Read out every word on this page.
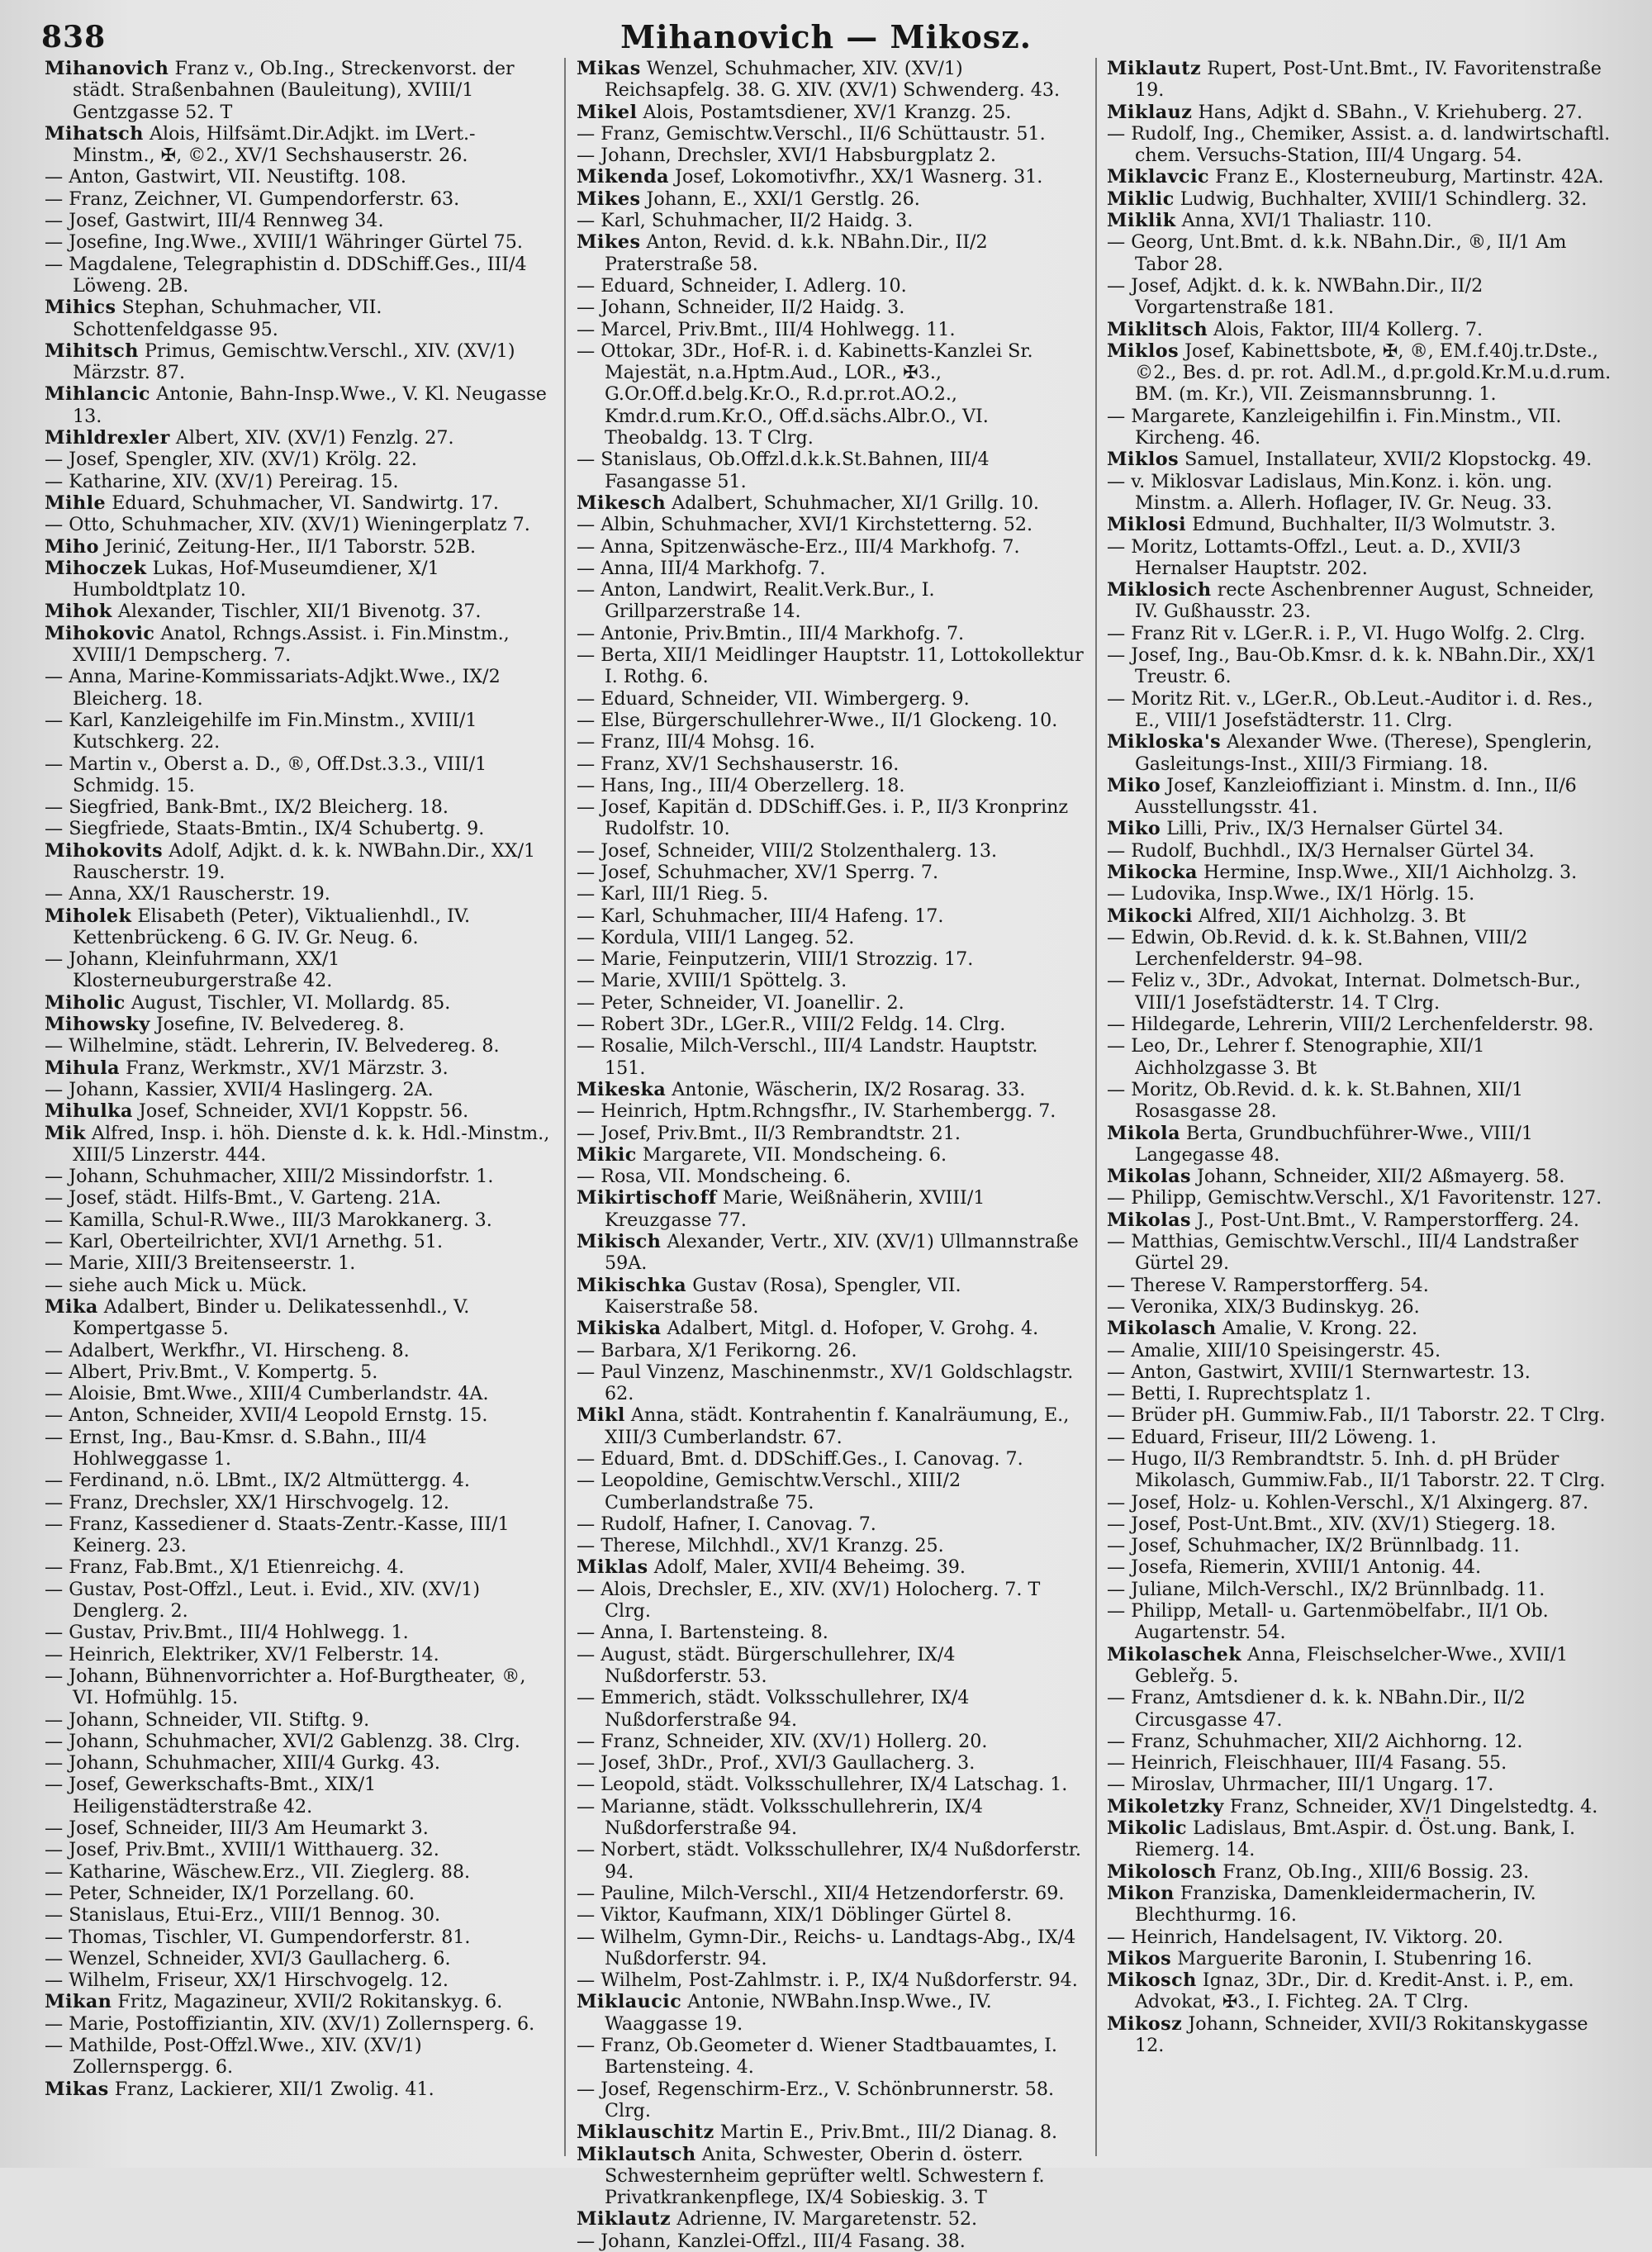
838	Mihanovich — Mikosz.

Mihanovich Franz v., Ob.Ing., Streckenvorst. der städt. Straßenbahnen (Bauleitung), XVIII/1 Gentzgasse 52. T

Mihatsch Alois, Hilfsämt.Dir.Adjkt. im LVert.-Minstm., ✠, ©2., XV/1 Sechshauserstr. 26.

— Anton, Gastwirt, VII. Neustiftg. 108.

— Franz, Zeichner, VI. Gumpendorferstr. 63.

— Josef, Gastwirt, III/4 Rennweg 34.

— Josefine, Ing.Wwe., XVIII/1 Währinger Gürtel 75.

— Magdalene, Telegraphistin d. DDSchiff.Ges., III/4 Löweng. 2B.

Mihics Stephan, Schuhmacher, VII. Schottenfeldgasse 95.

Mihitsch Primus, Gemischtw.Verschl., XIV. (XV/1) Märzstr. 87.

Mihlancic Antonie, Bahn-Insp.Wwe., V. Kl. Neugasse 13.

Mihldrexler Albert, XIV. (XV/1) Fenzlg. 27.

— Josef, Spengler, XIV. (XV/1) Krölg. 22.

— Katharine, XIV. (XV/1) Pereirag. 15.

Mihle Eduard, Schuhmacher, VI. Sandwirtg. 17.

— Otto, Schuhmacher, XIV. (XV/1) Wieningerplatz 7.

Miho Jerinić, Zeitung-Her., II/1 Taborstr. 52B.

Mihoczek Lukas, Hof-Museumdiener, X/1 Humboldtplatz 10.

Mihok Alexander, Tischler, XII/1 Bivenotg. 37.

Mihokovic Anatol, Rchngs.Assist. i. Fin.Minstm., XVIII/1 Dempscherg. 7.

— Anna, Marine-Kommissariats-Adjkt.Wwe., IX/2 Bleicherg. 18.

— Karl, Kanzleigehilfe im Fin.Minstm., XVIII/1 Kutschkerg. 22.

— Martin v., Oberst a. D., ®, Off.Dst.3.3., VIII/1 Schmidg. 15.

— Siegfried, Bank-Bmt., IX/2 Bleicherg. 18.

— Siegfriede, Staats-Bmtin., IX/4 Schubertg. 9.

Mihokovits Adolf, Adjkt. d. k. k. NWBahn.Dir., XX/1 Rauscherstr. 19.

— Anna, XX/1 Rauscherstr. 19.

Miholek Elisabeth (Peter), Viktualienhdl., IV. Kettenbrückeng. 6 G. IV. Gr. Neug. 6.

— Johann, Kleinfuhrmann, XX/1 Klosterneuburgerstraße 42.

Miholic August, Tischler, VI. Mollardg. 85.

Mihowsky Josefine, IV. Belvedereg. 8.

— Wilhelmine, städt. Lehrerin, IV. Belvedereg. 8.

Mihula Franz, Werkmstr., XV/1 Märzstr. 3.

— Johann, Kassier, XVII/4 Haslingerg. 2A.

Mihulka Josef, Schneider, XVI/1 Koppstr. 56.

Mik Alfred, Insp. i. höh. Dienste d. k. k. Hdl.-Minstm., XIII/5 Linzerstr. 444.

— Johann, Schuhmacher, XIII/2 Missindorfstr. 1.

— Josef, städt. Hilfs-Bmt., V. Garteng. 21A.

— Kamilla, Schul-R.Wwe., III/3 Marokkanerg. 3.

— Karl, Oberteilrichter, XVI/1 Arnethg. 51.

— Marie, XIII/3 Breitenseerstr. 1.

— siehe auch Mick u. Mück.

Mika Adalbert, Binder u. Delikatessenhdl., V. Kompertgasse 5.

— Adalbert, Werkfhr., VI. Hirscheng. 8.

— Albert, Priv.Bmt., V. Kompertg. 5.

— Aloisie, Bmt.Wwe., XIII/4 Cumberlandstr. 4A.

— Anton, Schneider, XVII/4 Leopold Ernstg. 15.

— Ernst, Ing., Bau-Kmsr. d. S.Bahn., III/4 Hohlweggasse 1.

— Ferdinand, n.ö. LBmt., IX/2 Altmüttergg. 4.

— Franz, Drechsler, XX/1 Hirschvogelg. 12.

— Franz, Kassediener d. Staats-Zentr.-Kasse, III/1 Keinerg. 23.

— Franz, Fab.Bmt., X/1 Etienreichg. 4.

— Gustav, Post-Offzl., Leut. i. Evid., XIV. (XV/1) Denglerg. 2.

— Gustav, Priv.Bmt., III/4 Hohlwegg. 1.

— Heinrich, Elektriker, XV/1 Felberstr. 14.

— Johann, Bühnenvorrichter a. Hof-Burgtheater, ®, VI. Hofmühlg. 15.

— Johann, Schneider, VII. Stiftg. 9.

— Johann, Schuhmacher, XVI/2 Gablenzg. 38. Clrg.

— Johann, Schuhmacher, XIII/4 Gurkg. 43.

— Josef, Gewerkschafts-Bmt., XIX/1 Heiligenstädterstraße 42.

— Josef, Schneider, III/3 Am Heumarkt 3.

— Josef, Priv.Bmt., XVIII/1 Witthauerg. 32.

— Katharine, Wäschew.Erz., VII. Zieglerg. 88.

— Peter, Schneider, IX/1 Porzellang. 60.

— Stanislaus, Etui-Erz., VIII/1 Bennog. 30.

— Thomas, Tischler, VI. Gumpendorferstr. 81.

— Wenzel, Schneider, XVI/3 Gaullacherg. 6.

— Wilhelm, Friseur, XX/1 Hirschvogelg. 12.

Mikan Fritz, Magazineur, XVII/2 Rokitanskyg. 6.

— Marie, Postoffiziantin, XIV. (XV/1) Zollernsperg. 6.

— Mathilde, Post-Offzl.Wwe., XIV. (XV/1) Zollernspergg. 6.

Mikas Franz, Lackierer, XII/1 Zwolig. 41.

Mikas Wenzel, Schuhmacher, XIV. (XV/1) Reichsapfelg. 38. G. XIV. (XV/1) Schwenderg. 43.

Mikel Alois, Postamtsdiener, XV/1 Kranzg. 25.

— Franz, Gemischtw.Verschl., II/6 Schüttaustr. 51.

— Johann, Drechsler, XVI/1 Habsburgplatz 2.

Mikenda Josef, Lokomotivfhr., XX/1 Wasnerg. 31.

Mikes Johann, E., XXI/1 Gerstlg. 26.

— Karl, Schuhmacher, II/2 Haidg. 3.

Mikes Anton, Revid. d. k.k. NBahn.Dir., II/2 Praterstraße 58.

— Eduard, Schneider, I. Adlerg. 10.

— Johann, Schneider, II/2 Haidg. 3.

— Marcel, Priv.Bmt., III/4 Hohlwegg. 11.

— Ottokar, 3Dr., Hof-R. i. d. Kabinetts-Kanzlei Sr. Majestät, n.a.Hptm.Aud., LOR., ✠3., G.Or.Off.d.belg.Kr.O., R.d.pr.rot.AO.2., Kmdr.d.rum.Kr.O., Off.d.sächs.Albr.O., VI. Theobaldg. 13. T Clrg.

— Stanislaus, Ob.Offzl.d.k.k.St.Bahnen, III/4 Fasangasse 51.

Mikesch Adalbert, Schuhmacher, XI/1 Grillg. 10.

— Albin, Schuhmacher, XVI/1 Kirchstetterng. 52.

— Anna, Spitzenwäsche-Erz., III/4 Markhofg. 7.

— Anna, III/4 Markhofg. 7.

— Anton, Landwirt, Realit.Verk.Bur., I. Grillparzerstraße 14.

— Antonie, Priv.Bmtin., III/4 Markhofg. 7.

— Berta, XII/1 Meidlinger Hauptstr. 11, Lottokollektur I. Rothg. 6.

— Eduard, Schneider, VII. Wimbergerg. 9.

— Else, Bürgerschullehrer-Wwe., II/1 Glockeng. 10.

— Franz, III/4 Mohsg. 16.

— Franz, XV/1 Sechshauserstr. 16.

— Hans, Ing., III/4 Oberzellerg. 18.

— Josef, Kapitän d. DDSchiff.Ges. i. P., II/3 Kronprinz Rudolfstr. 10.

— Josef, Schneider, VIII/2 Stolzenthalerg. 13.

— Josef, Schuhmacher, XV/1 Sperrg. 7.

— Karl, III/1 Rieg. 5.

— Karl, Schuhmacher, III/4 Hafeng. 17.

— Kordula, VIII/1 Langeg. 52.

— Marie, Feinputzerin, VIII/1 Strozzig. 17.

— Marie, XVIII/1 Spöttelg. 3.

— Peter, Schneider, VI. Joanelliг. 2.

— Robert 3Dr., LGer.R., VIII/2 Feldg. 14. Clrg.

— Rosalie, Milch-Verschl., III/4 Landstr. Hauptstr. 151.

Mikeska Antonie, Wäscherin, IX/2 Rosarag. 33.

— Heinrich, Hptm.Rchngsfhr., IV. Starhembergg. 7.

— Josef, Priv.Bmt., II/3 Rembrandtstr. 21.

Mikic Margarete, VII. Mondscheing. 6.

— Rosa, VII. Mondscheing. 6.

Mikirtischoff Marie, Weißnäherin, XVIII/1 Kreuzgasse 77.

Mikisch Alexander, Vertr., XIV. (XV/1) Ullmannstraße 59A.

Mikischka Gustav (Rosa), Spengler, VII. Kaiserstraße 58.

Mikiska Adalbert, Mitgl. d. Hofoper, V. Grohg. 4.

— Barbara, X/1 Ferikorng. 26.

— Paul Vinzenz, Maschinenmstr., XV/1 Goldschlagstr. 62.

Mikl Anna, städt. Kontrahentin f. Kanalräumung, E., XIII/3 Cumberlandstr. 67.

— Eduard, Bmt. d. DDSchiff.Ges., I. Canovag. 7.

— Leopoldine, Gemischtw.Verschl., XIII/2 Cumberlandstraße 75.

— Rudolf, Hafner, I. Canovag. 7.

— Therese, Milchhdl., XV/1 Kranzg. 25.

Miklas Adolf, Maler, XVII/4 Beheimg. 39.

— Alois, Drechsler, E., XIV. (XV/1) Holocherg. 7. T Clrg.

— Anna, I. Bartensteing. 8.

— August, städt. Bürgerschullehrer, IX/4 Nußdorferstr. 53.

— Emmerich, städt. Volksschullehrer, IX/4 Nußdorferstraße 94.

— Franz, Schneider, XIV. (XV/1) Hollerg. 20.

— Josef, 3hDr., Prof., XVI/3 Gaullacherg. 3.

— Leopold, städt. Volksschullehrer, IX/4 Latschag. 1.

— Marianne, städt. Volksschullehrerin, IX/4 Nußdorferstraße 94.

— Norbert, städt. Volksschullehrer, IX/4 Nußdorferstr. 94.

— Pauline, Milch-Verschl., XII/4 Hetzendorferstr. 69.

— Viktor, Kaufmann, XIX/1 Döblinger Gürtel 8.

— Wilhelm, Gymn-Dir., Reichs- u. Landtags-Abg., IX/4 Nußdorferstr. 94.

— Wilhelm, Post-Zahlmstr. i. P., IX/4 Nußdorferstr. 94.

Miklaucic Antonie, NWBahn.Insp.Wwe., IV. Waaggasse 19.

— Franz, Ob.Geometer d. Wiener Stadtbauamtes, I. Bartensteing. 4.

— Josef, Regenschirm-Erz., V. Schönbrunnerstr. 58. Clrg.

Miklauschitz Martin E., Priv.Bmt., III/2 Dianag. 8.

Miklautsch Anita, Schwester, Oberin d. österr. Schwesternheim geprüfter weltl. Schwestern f. Privatkrankenpflege, IX/4 Sobieskig. 3. T

Miklautz Adrienne, IV. Margaretenstr. 52.

— Johann, Kanzlei-Offzl., III/4 Fasang. 38.

Miklautz Rupert, Post-Unt.Bmt., IV. Favoritenstraße 19.

Miklauz Hans, Adjkt d. SBahn., V. Kriehuberg. 27.

— Rudolf, Ing., Chemiker, Assist. a. d. landwirtschaftl. chem. Versuchs-Station, III/4 Ungarg. 54.

Miklavcic Franz E., Klosterneuburg, Martinstr. 42A.

Miklic Ludwig, Buchhalter, XVIII/1 Schindlerg. 32.

Miklik Anna, XVI/1 Thaliastr. 110.

— Georg, Unt.Bmt. d. k.k. NBahn.Dir., ®, II/1 Am Tabor 28.

— Josef, Adjkt. d. k. k. NWBahn.Dir., II/2 Vorgartenstraße 181.

Miklitsch Alois, Faktor, III/4 Kollerg. 7.

Miklos Josef, Kabinettsbote, ✠, ®, EM.f.40j.tr.Dste., ©2., Bes. d. pr. rot. Adl.M., d.pr.gold.Kr.M.u.d.rum. BM. (m. Kr.), VII. Zeismannsbrunng. 1.

— Margarete, Kanzleigehilfin i. Fin.Minstm., VII. Kircheng. 46.

Miklos Samuel, Installateur, XVII/2 Klopstockg. 49.

— v. Miklosvar Ladislaus, Min.Konz. i. kön. ung. Minstm. a. Allerh. Hoflager, IV. Gr. Neug. 33.

Miklosi Edmund, Buchhalter, II/3 Wolmutstr. 3.

— Moritz, Lottamts-Offzl., Leut. a. D., XVII/3 Hernalser Hauptstr. 202.

Miklosich recte Aschenbrenner August, Schneider, IV. Gußhausstr. 23.

— Franz Rit v. LGer.R. i. P., VI. Hugo Wolfg. 2. Clrg.

— Josef, Ing., Bau-Ob.Kmsr. d. k. k. NBahn.Dir., XX/1 Treustr. 6.

— Moritz Rit. v., LGer.R., Ob.Leut.-Auditor i. d. Res., E., VIII/1 Josefstädterstr. 11. Clrg.

Mikloska's Alexander Wwe. (Therese), Spenglerin, Gasleitungs-Inst., XIII/3 Firmiang. 18.

Miko Josef, Kanzleioffiziant i. Minstm. d. Inn., II/6 Ausstellungsstr. 41.

Miko Lilli, Priv., IX/3 Hernalser Gürtel 34.

— Rudolf, Buchhdl., IX/3 Hernalser Gürtel 34.

Mikocka Hermine, Insp.Wwe., XII/1 Aichholzg. 3.

— Ludovika, Insp.Wwe., IX/1 Hörlg. 15.

Mikocki Alfred, XII/1 Aichholzg. 3. Bt

— Edwin, Ob.Revid. d. k. k. St.Bahnen, VIII/2 Lerchenfelderstr. 94–98.

— Feliz v., 3Dr., Advokat, Internat. Dolmetsch-Bur., VIII/1 Josefstädterstr. 14. T Clrg.

— Hildegarde, Lehrerin, VIII/2 Lerchenfelderstr. 98.

— Leo, Dr., Lehrer f. Stenographie, XII/1 Aichholzgasse 3. Bt

— Moritz, Ob.Revid. d. k. k. St.Bahnen, XII/1 Rosasgasse 28.

Mikola Berta, Grundbuchführer-Wwe., VIII/1 Langegasse 48.

Mikolas Johann, Schneider, XII/2 Aßmayerg. 58.

— Philipp, Gemischtw.Verschl., X/1 Favoritenstr. 127.

Mikolas J., Post-Unt.Bmt., V. Ramperstorfferg. 24.

— Matthias, Gemischtw.Verschl., III/4 Landstraßer Gürtel 29.

— Therese V. Ramperstorfferg. 54.

— Veronika, XIX/3 Budinskyg. 26.

Mikolasch Amalie, V. Krong. 22.

— Amalie, XIII/10 Speisingerstr. 45.

— Anton, Gastwirt, XVIII/1 Sternwartestr. 13.

— Betti, I. Ruprechtsplatz 1.

— Brüder pH. Gummiw.Fab., II/1 Taborstr. 22. T Clrg.

— Eduard, Friseur, III/2 Löweng. 1.

— Hugo, II/3 Rembrandtstr. 5. Inh. d. pH Brüder Mikolasch, Gummiw.Fab., II/1 Taborstr. 22. T Clrg.

— Josef, Holz- u. Kohlen-Verschl., X/1 Alxingerg. 87.

— Josef, Post-Unt.Bmt., XIV. (XV/1) Stiegerg. 18.

— Josef, Schuhmacher, IX/2 Brünnlbadg. 11.

— Josefa, Riemerin, XVIII/1 Antonig. 44.

— Juliane, Milch-Verschl., IX/2 Brünnlbadg. 11.

— Philipp, Metall- u. Gartenmöbelfabr., II/1 Ob. Augartenstr. 54.

Mikolaschek Anna, Fleischselcher-Wwe., XVII/1 Gebleřg. 5.

— Franz, Amtsdiener d. k. k. NBahn.Dir., II/2 Circusgasse 47.

— Franz, Schuhmacher, XII/2 Aichhorng. 12.

— Heinrich, Fleischhauer, III/4 Fasang. 55.

— Miroslav, Uhrmacher, III/1 Ungarg. 17.

Mikoletzky Franz, Schneider, XV/1 Dingelstedtg. 4.

Mikolic Ladislaus, Bmt.Aspir. d. Öst.ung. Bank, I. Riemerg. 14.

Mikolosch Franz, Ob.Ing., XIII/6 Bossig. 23.

Mikon Franziska, Damenkleidermacherin, IV. Blechthurmg. 16.

— Heinrich, Handelsagent, IV. Viktorg. 20.

Mikos Marguerite Baronin, I. Stubenring 16.

Mikosch Ignaz, 3Dr., Dir. d. Kredit-Anst. i. P., em. Advokat, ✠3., I. Fichteg. 2A. T Clrg.

Mikosz Johann, Schneider, XVII/3 Rokitanskygasse 12.
